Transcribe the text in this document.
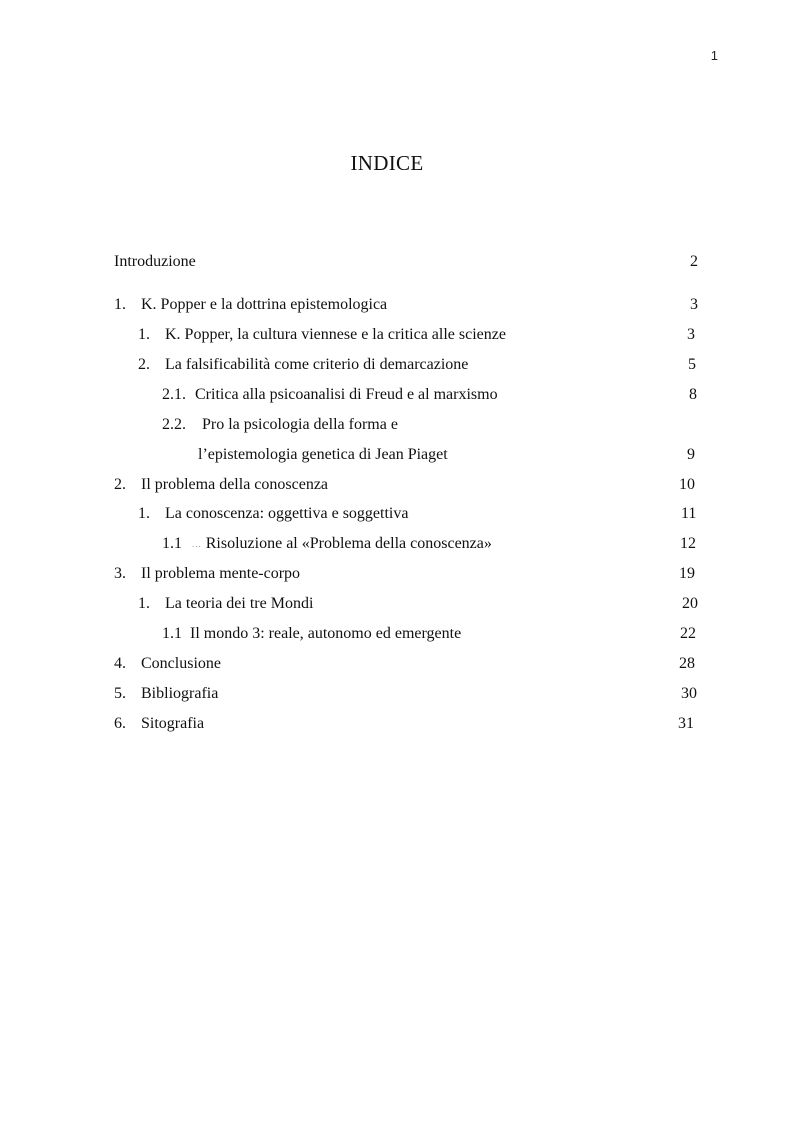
1
INDICE
Introduzione	2
1. K. Popper e la dottrina epistemologica	3
1. K. Popper, la cultura viennese e la critica alle scienze	3
2. La falsificabilità come criterio di demarcazione	5
2.1. Critica alla psicoanalisi di Freud e al marxismo	8
2.2. Pro la psicologia della forma e
l’epistemologia genetica di Jean Piaget	9
2. Il problema della conoscenza	10
1. La conoscenza: oggettiva e soggettiva	11
1.1 ... Risoluzione al «Problema della conoscenza»	12
3. Il problema mente-corpo	19
1. La teoria dei tre Mondi	20
1.1 Il mondo 3: reale, autonomo ed emergente	22
4. Conclusione	28
5. Bibliografia	30
6. Sitografia	31
